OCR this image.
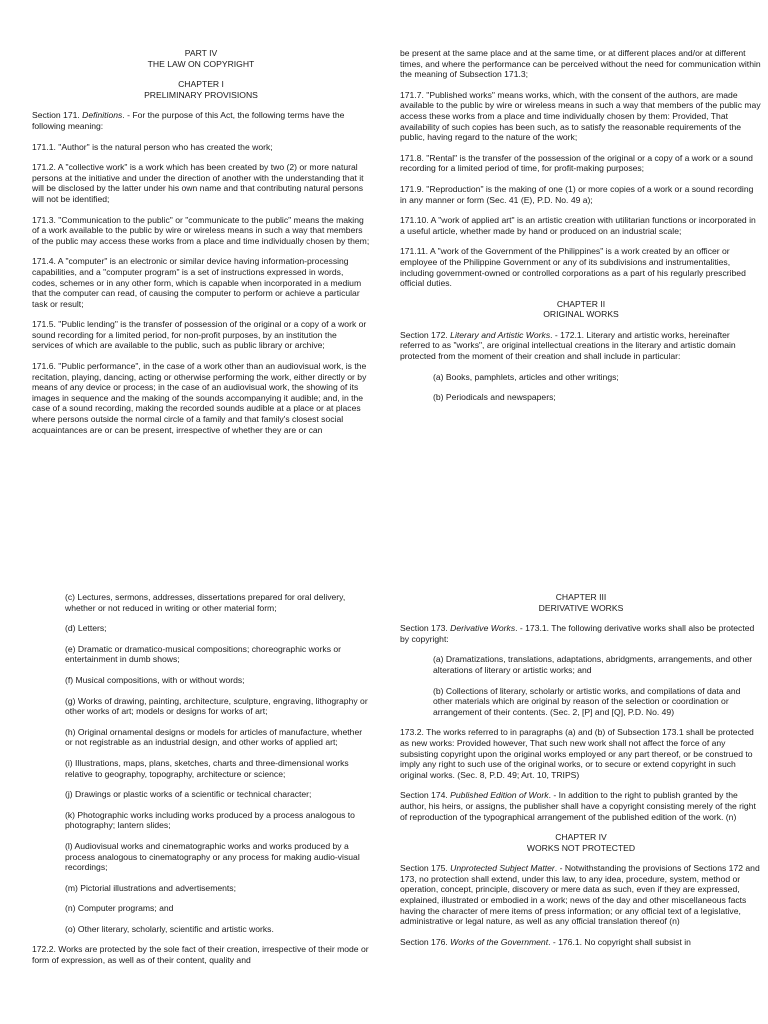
PART IV
THE LAW ON COPYRIGHT
CHAPTER I
PRELIMINARY PROVISIONS

Section 171. Definitions. - For the purpose of this Act, the following terms have the following meaning:

171.1. "Author" is the natural person who has created the work;

171.2. A "collective work" is a work which has been created by two (2) or more natural persons at the initiative and under the direction of another with the understanding that it will be disclosed by the latter under his own name and that contributing natural persons will not be identified;

171.3. "Communication to the public" or "communicate to the public" means the making of a work available to the public by wire or wireless means in such a way that members of the public may access these works from a place and time individually chosen by them;

171.4. A "computer" is an electronic or similar device having information-processing capabilities, and a "computer program" is a set of instructions expressed in words, codes, schemes or in any other form, which is capable when incorporated in a medium that the computer can read, of causing the computer to perform or achieve a particular task or result;

171.5. "Public lending" is the transfer of possession of the original or a copy of a work or sound recording for a limited period, for non-profit purposes, by an institution the services of which are available to the public, such as public library or archive;

171.6. "Public performance", in the case of a work other than an audiovisual work, is the recitation, playing, dancing, acting or otherwise performing the work, either directly or by means of any device or process; in the case of an audiovisual work, the showing of its images in sequence and the making of the sounds accompanying it audible; and, in the case of a sound recording, making the recorded sounds audible at a place or at places where persons outside the normal circle of a family and that family's closest social acquaintances are or can be present, irrespective of whether they are or can

be present at the same place and at the same time, or at different places and/or at different times, and where the performance can be perceived without the need for communication within the meaning of Subsection 171.3;

171.7. "Published works" means works, which, with the consent of the authors, are made available to the public by wire or wireless means in such a way that members of the public may access these works from a place and time individually chosen by them: Provided, That availability of such copies has been such, as to satisfy the reasonable requirements of the public, having regard to the nature of the work;

171.8. "Rental" is the transfer of the possession of the original or a copy of a work or a sound recording for a limited period of time, for profit-making purposes;

171.9. "Reproduction" is the making of one (1) or more copies of a work or a sound recording in any manner or form (Sec. 41 (E), P.D. No. 49 a);

171.10. A "work of applied art" is an artistic creation with utilitarian functions or incorporated in a useful article, whether made by hand or produced on an industrial scale;

171.11. A "work of the Government of the Philippines" is a work created by an officer or employee of the Philippine Government or any of its subdivisions and instrumentalities, including government-owned or controlled corporations as a part of his regularly prescribed official duties.

CHAPTER II
ORIGINAL WORKS

Section 172. Literary and Artistic Works. - 172.1. Literary and artistic works, hereinafter referred to as "works", are original intellectual creations in the literary and artistic domain protected from the moment of their creation and shall include in particular:

(a) Books, pamphlets, articles and other writings;

(b) Periodicals and newspapers;

(c) Lectures, sermons, addresses, dissertations prepared for oral delivery, whether or not reduced in writing or other material form;

(d) Letters;

(e) Dramatic or dramatico-musical compositions; choreographic works or entertainment in dumb shows;

(f) Musical compositions, with or without words;

(g) Works of drawing, painting, architecture, sculpture, engraving, lithography or other works of art; models or designs for works of art;

(h) Original ornamental designs or models for articles of manufacture, whether or not registrable as an industrial design, and other works of applied art;

(i) Illustrations, maps, plans, sketches, charts and three-dimensional works relative to geography, topography, architecture or science;

(j) Drawings or plastic works of a scientific or technical character;

(k) Photographic works including works produced by a process analogous to photography; lantern slides;

(l) Audiovisual works and cinematographic works and works produced by a process analogous to cinematography or any process for making audio-visual recordings;

(m) Pictorial illustrations and advertisements;

(n) Computer programs; and

(o) Other literary, scholarly, scientific and artistic works.

172.2. Works are protected by the sole fact of their creation, irrespective of their mode or form of expression, as well as of their content, quality and

CHAPTER III
DERIVATIVE WORKS

Section 173. Derivative Works. - 173.1. The following derivative works shall also be protected by copyright:

(a) Dramatizations, translations, adaptations, abridgments, arrangements, and other alterations of literary or artistic works; and

(b) Collections of literary, scholarly or artistic works, and compilations of data and other materials which are original by reason of the selection or coordination or arrangement of their contents. (Sec. 2, [P] and [Q], P.D. No. 49)

173.2. The works referred to in paragraphs (a) and (b) of Subsection 173.1 shall be protected as new works: Provided however, That such new work shall not affect the force of any subsisting copyright upon the original works employed or any part thereof, or be construed to imply any right to such use of the original works, or to secure or extend copyright in such original works. (Sec. 8, P.D. 49; Art. 10, TRIPS)

Section 174. Published Edition of Work. - In addition to the right to publish granted by the author, his heirs, or assigns, the publisher shall have a copyright consisting merely of the right of reproduction of the typographical arrangement of the published edition of the work. (n)

CHAPTER IV
WORKS NOT PROTECTED

Section 175. Unprotected Subject Matter. - Notwithstanding the provisions of Sections 172 and 173, no protection shall extend, under this law, to any idea, procedure, system, method or operation, concept, principle, discovery or mere data as such, even if they are expressed, explained, illustrated or embodied in a work; news of the day and other miscellaneous facts having the character of mere items of press information; or any official text of a legislative, administrative or legal nature, as well as any official translation thereof (n)

Section 176. Works of the Government. - 176.1. No copyright shall subsist in
